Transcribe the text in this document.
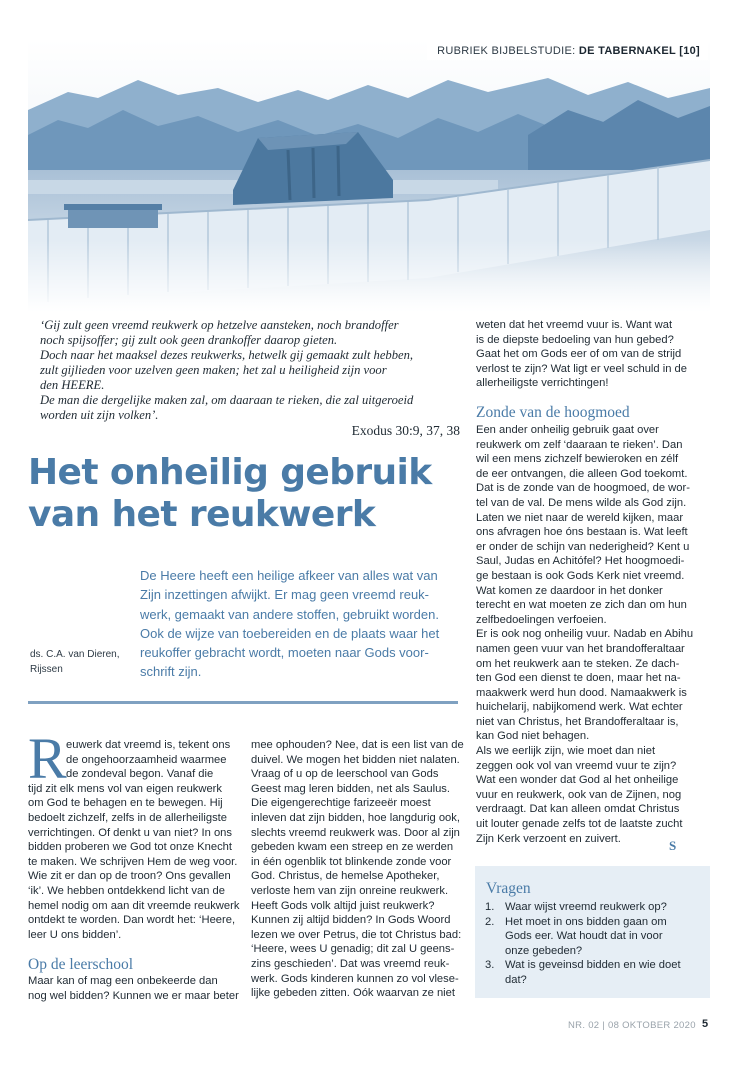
RUBRIEK BIJBELSTUDIE: DE TABERNAKEL [10]

‘Gij zult geen vreemd reukwerk op hetzelve aansteken, noch brandoffer

noch spijsoffer; gij zult ook geen drankoffer daarop gieten.

Doch naar het maaksel dezes reukwerks, hetwelk gij gemaakt zult hebben,

zult gijlieden voor uzelven geen maken; het zal u heiligheid zijn voor

den HEERE.

De man die dergelijke maken zal, om daaraan te rieken, die zal uitgeroeid

worden uit zijn volken’.

Exodus 30:9, 37, 38
Het onheilig gebruik
van het reukwerk
ds. C.A. van Dieren,
Rijssen
De Heere heeft een heilige afkeer van alles wat van
Zijn inzettingen afwijkt. Er mag geen vreemd reuk-
werk, gemaakt van andere stoffen, gebruikt worden.
Ook de wijze van toebereiden en de plaats waar het
reukoffer gebracht wordt, moeten naar Gods voor-
schrift zijn.
R euwerk dat vreemd is, tekent ons
de ongehoorzaamheid waarmee
de zondeval begon. Vanaf die
tijd zit elk mens vol van eigen reukwerk
om God te behagen en te bewegen. Hij
bedoelt zichzelf, zelfs in de allerheiligste
verrichtingen. Of denkt u van niet? In ons
bidden proberen we God tot onze Knecht
te maken. We schrijven Hem de weg voor.
Wie zit er dan op de troon? Ons gevallen
‘ik’. We hebben ontdekkend licht van de
hemel nodig om aan dit vreemde reukwerk
ontdekt te worden. Dan wordt het: ‘Heere,
leer U ons bidden’.
Op de leerschool
Maar kan of mag een onbekeerde dan
nog wel bidden? Kunnen we er maar beter
mee ophouden? Nee, dat is een list van de
duivel. We mogen het bidden niet nalaten.
Vraag of u op de leerschool van Gods
Geest mag leren bidden, net als Saulus.
Die eigengerechtige farizeeër moest
inleven dat zijn bidden, hoe langdurig ook,
slechts vreemd reukwerk was. Door al zijn
gebeden kwam een streep en ze werden
in één ogenblik tot blinkende zonde voor
God. Christus, de hemelse Apotheker,
verloste hem van zijn onreine reukwerk.
Heeft Gods volk altijd juist reukwerk?
Kunnen zij altijd bidden? In Gods Woord
lezen we over Petrus, die tot Christus bad:
‘Heere, wees U genadig; dit zal U geens-
zins geschieden’. Dat was vreemd reuk-
werk. Gods kinderen kunnen zo vol vlese-
lijke gebeden zitten. Oók waarvan ze niet
weten dat het vreemd vuur is. Want wat
is de diepste bedoeling van hun gebed?
Gaat het om Gods eer of om van de strijd
verlost te zijn? Wat ligt er veel schuld in de
allerheiligste verrichtingen!
Zonde van de hoogmoed
Een ander onheilig gebruik gaat over
reukwerk om zelf ‘daaraan te rieken’. Dan
wil een mens zichzelf bewieroken en zélf
de eer ontvangen, die alleen God toekomt.
Dat is de zonde van de hoogmoed, de wor-
tel van de val. De mens wilde als God zijn.
Laten we niet naar de wereld kijken, maar
ons afvragen hoe óns bestaan is. Wat leeft
er onder de schijn van nederigheid? Kent u
Saul, Judas en Achitófel? Het hoogmoedi-
ge bestaan is ook Gods Kerk niet vreemd.
Wat komen ze daardoor in het donker
terecht en wat moeten ze zich dan om hun
zelfbedoelingen verfoeien.
Er is ook nog onheilig vuur. Nadab en Abihu
namen geen vuur van het brandofferaltaar
om het reukwerk aan te steken. Ze dach-
ten God een dienst te doen, maar het na-
maakwerk werd hun dood. Namaakwerk is
huichelarij, nabijkomend werk. Wat echter
niet van Christus, het Brandofferaltaar is,
kan God niet behagen.
Als we eerlijk zijn, wie moet dan niet
zeggen ook vol van vreemd vuur te zijn?
Wat een wonder dat God al het onheilige
vuur en reukwerk, ook van de Zijnen, nog
verdraagt. Dat kan alleen omdat Christus
uit louter genade zelfs tot de laatste zucht
Zijn Kerk verzoent en zuivert.	S
1. Waar wijst vreemd reukwerk op?
2. Het moet in ons bidden gaan om
Gods eer. Wat houdt dat in voor
onze gebeden?
3. Wat is geveinsd bidden en wie doet
dat?
Vragen
NR. 02 | 08 OKTOBER 2020 5
